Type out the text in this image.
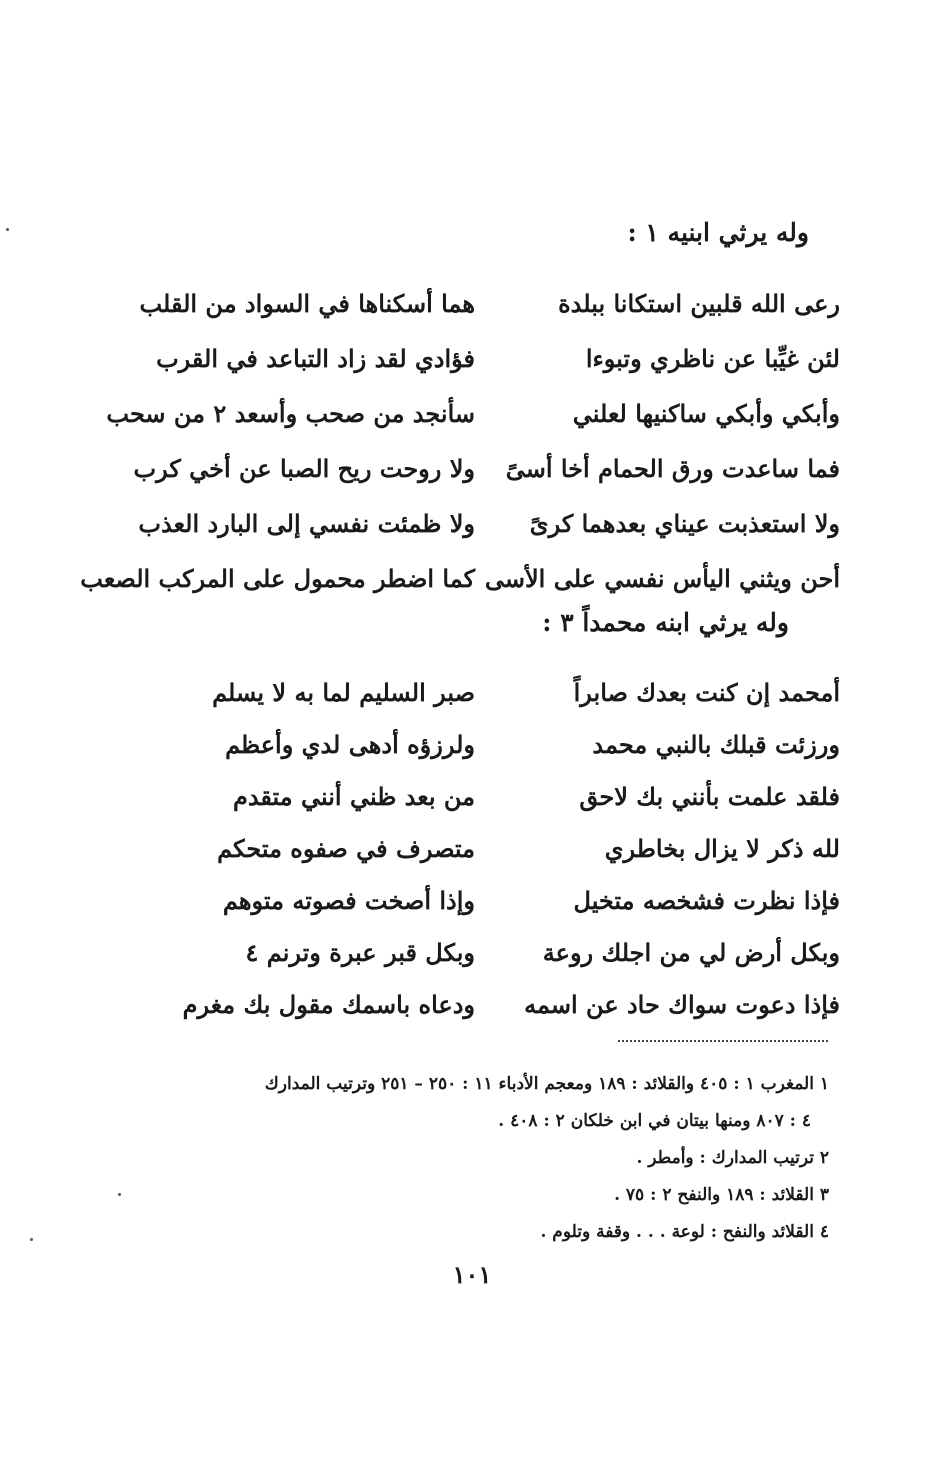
وله يرثي ابنيه ١ :
رعى الله قلبين استكانا ببلدة
هما أسكناها في السواد من القلب
لئن غيِّبا عن ناظري وتبوءا
فؤادي لقد زاد التباعد في القرب
وأبكي وأبكي ساكنيها لعلني
سأنجد من صحب وأسعد ٢ من سحب
فما ساعدت ورق الحمام أخا أسىً
ولا روحت ريح الصبا عن أخي كرب
ولا استعذبت عيناي بعدهما كرىً
ولا ظمئت نفسي إلى البارد العذب
أحن ويثني اليأس نفسي على الأسى
كما اضطر محمول على المركب الصعب
وله يرثي ابنه محمداً ٣ :
أمحمد إن كنت بعدك صابراً
صبر السليم لما به لا يسلم
ورزئت قبلك بالنبي محمد
ولرزؤه أدهى لدي وأعظم
فلقد علمت بأنني بك لاحق
من بعد ظني أنني متقدم
لله ذكر لا يزال بخاطري
متصرف في صفوه متحكم
فإذا نظرت فشخصه متخيل
وإذا أصخت فصوته متوهم
وبكل أرض لي من اجلك روعة
وبكل قبر عبرة وترنم ٤
فإذا دعوت سواك حاد عن اسمه
ودعاه باسمك مقول بك مغرم
١ المغرب ١ : ٤٠٥ والقلائد : ١٨٩ ومعجم الأدباء ١١ : ٢٥٠ – ٢٥١ وترتيب المدارك
٤ : ٨٠٧ ومنها بيتان في ابن خلكان ٢ : ٤٠٨ .
٢ ترتيب المدارك : وأمطر .
٣ القلائد : ١٨٩ والنفح ٢ : ٧٥ .
٤ القلائد والنفح : لوعة . . . وقفة وتلوم .
١٠١
